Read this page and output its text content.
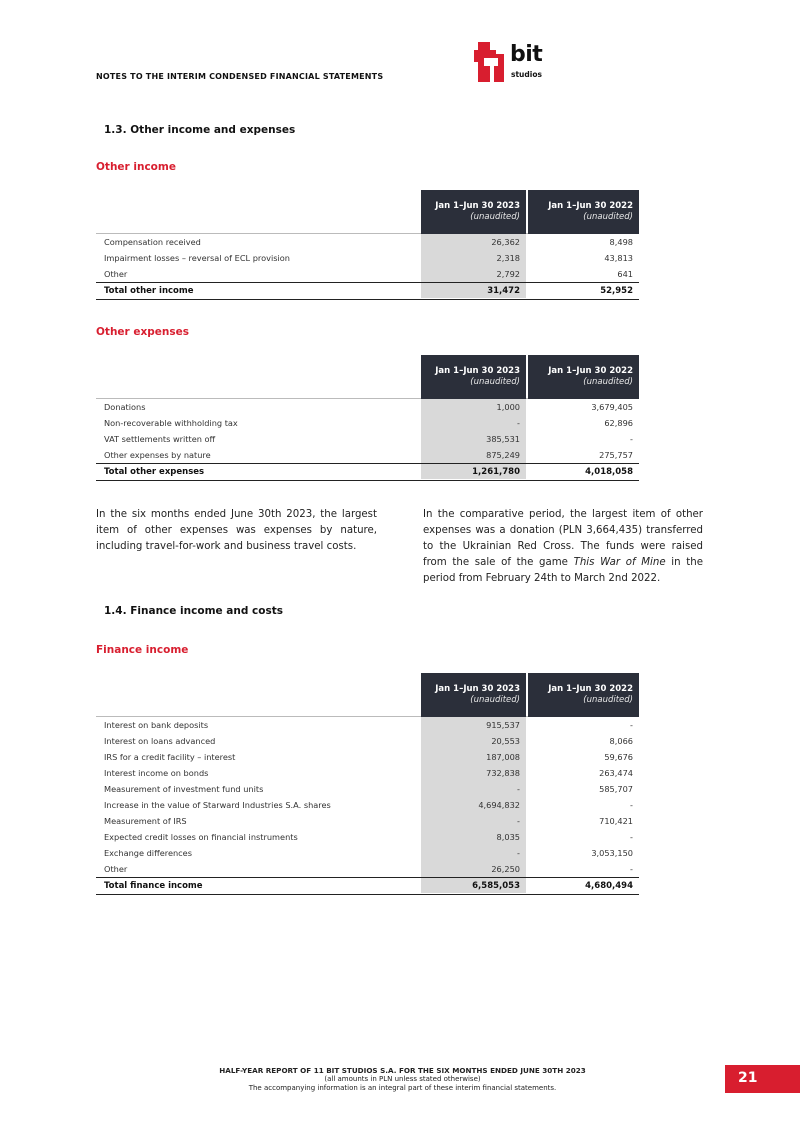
NOTES TO THE INTERIM CONDENSED FINANCIAL STATEMENTS
bit
studios
1.3. Other income and expenses
Other income
Jan 1–Jun 30 2023
(unaudited)
Jan 1–Jun 30 2022
(unaudited)
Compensation received	26,362	8,498
Impairment losses – reversal of ECL provision	2,318	43,813
Other	2,792	641
Total other income	31,472	52,952
Other expenses
Jan 1–Jun 30 2023
(unaudited)
Jan 1–Jun 30 2022
(unaudited)
Donations	1,000	3,679,405
Non-recoverable withholding tax	-	62,896
VAT settlements written off	385,531	-
Other expenses by nature	875,249	275,757
Total other expenses	1,261,780	4,018,058
In the six months ended June 30th 2023, the largest item of other expenses was expenses by nature, including travel-for-work and business travel costs.
In the comparative period, the largest item of other expenses was a donation (PLN 3,664,435) transferred to the Ukrainian Red Cross. The funds were raised from the sale of the game This War of Mine in the period from February 24th to March 2nd 2022.
1.4. Finance income and costs
Finance income
Jan 1–Jun 30 2023
(unaudited)
Jan 1–Jun 30 2022
(unaudited)
Interest on bank deposits	915,537	-
Interest on loans advanced	20,553	8,066
IRS for a credit facility – interest	187,008	59,676
Interest income on bonds	732,838	263,474
Measurement of investment fund units	-	585,707
Increase in the value of Starward Industries S.A. shares	4,694,832	-
Measurement of IRS	-	710,421
Expected credit losses on financial instruments	8,035	-
Exchange differences	-	3,053,150
Other	26,250	-
Total finance income	6,585,053	4,680,494
HALF-YEAR REPORT OF 11 BIT STUDIOS S.A. FOR THE SIX MONTHS ENDED JUNE 30TH 2023
(all amounts in PLN unless stated otherwise)
The accompanying information is an integral part of these interim financial statements.
21
